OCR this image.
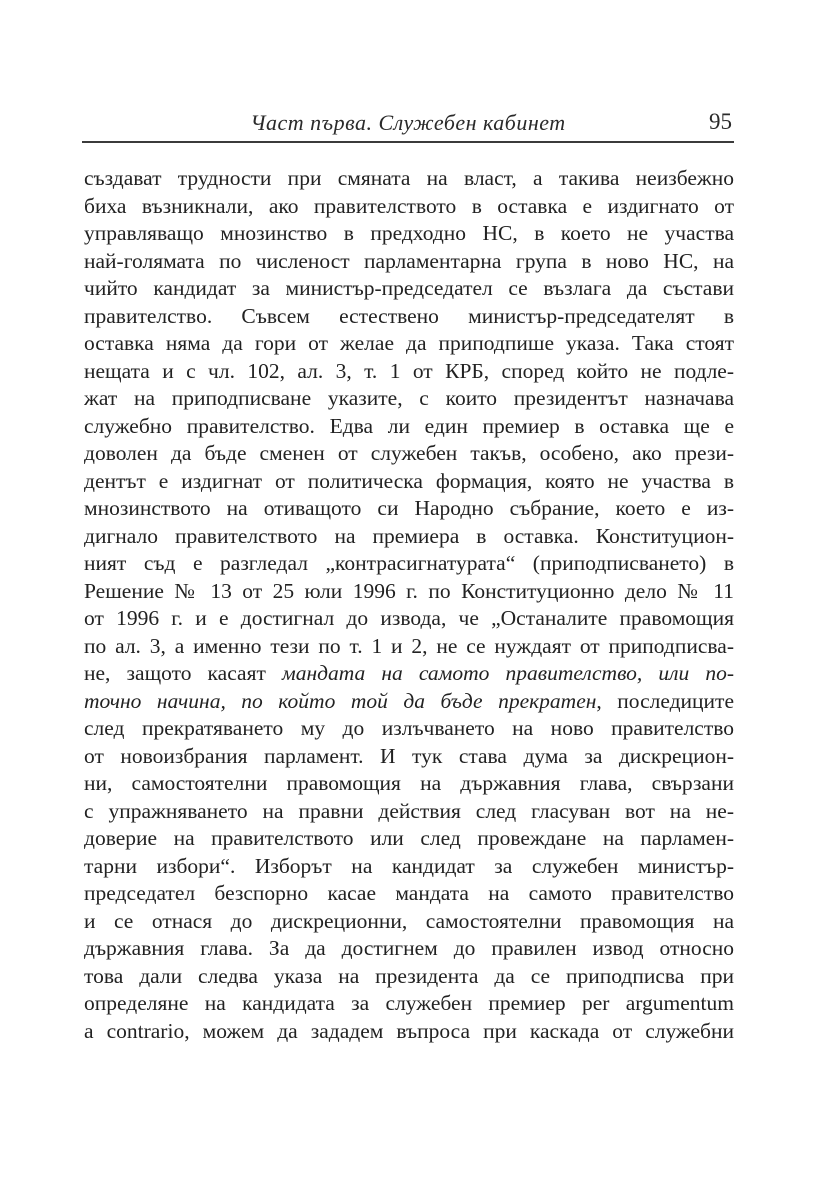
Част първа. Служебен кабинет	95
създават трудности при смяната на власт, а такива неизбежно
биха възникнали, ако правителството в оставка е издигнато от
управляващо мнозинство в предходно НС, в което не участва
най-голямата по численост парламентарна група в ново НС, на
чийто кандидат за министър-председател се възлага да състави
правителство. Съвсем естествено министър-председателят в
оставка няма да гори от желае да приподпише указа. Така стоят
нещата и с чл. 102, ал. 3, т. 1 от КРБ, според който не подле-
жат на приподписване указите, с които президентът назначава
служебно правителство. Едва ли един премиер в оставка ще е
доволен да бъде сменен от служебен такъв, особено, ако прези-
дентът е издигнат от политическа формация, която не участва в
мнозинството на отиващото си Народно събрание, което е из-
дигнало правителството на премиера в оставка. Конституцион-
ният съд е разгледал „контрасигнатурата“ (приподписването) в
Решение № 13 от 25 юли 1996 г. по Конституционно дело № 11
от 1996 г. и е достигнал до извода, че „Останалите правомощия
по ал. 3, а именно тези по т. 1 и 2, не се нуждаят от приподписва-
не, защото касаят мандата на самото правителство, или по-
точно начина, по който той да бъде прекратен, последиците
след прекратяването му до излъчването на ново правителство
от новоизбрания парламент. И тук става дума за дискрецион-
ни, самостоятелни правомощия на държавния глава, свързани
с упражняването на правни действия след гласуван вот на не-
доверие на правителството или след провеждане на парламен-
тарни избори“. Изборът на кандидат за служебен министър-
председател безспорно касае мандата на самото правителство
и се отнася до дискреционни, самостоятелни правомощия на
държавния глава. За да достигнем до правилен извод относно
това дали следва указа на президента да се приподписва при
определяне на кандидата за служебен премиер per argumentum
a contrario, можем да зададем въпроса при каскада от служебни
